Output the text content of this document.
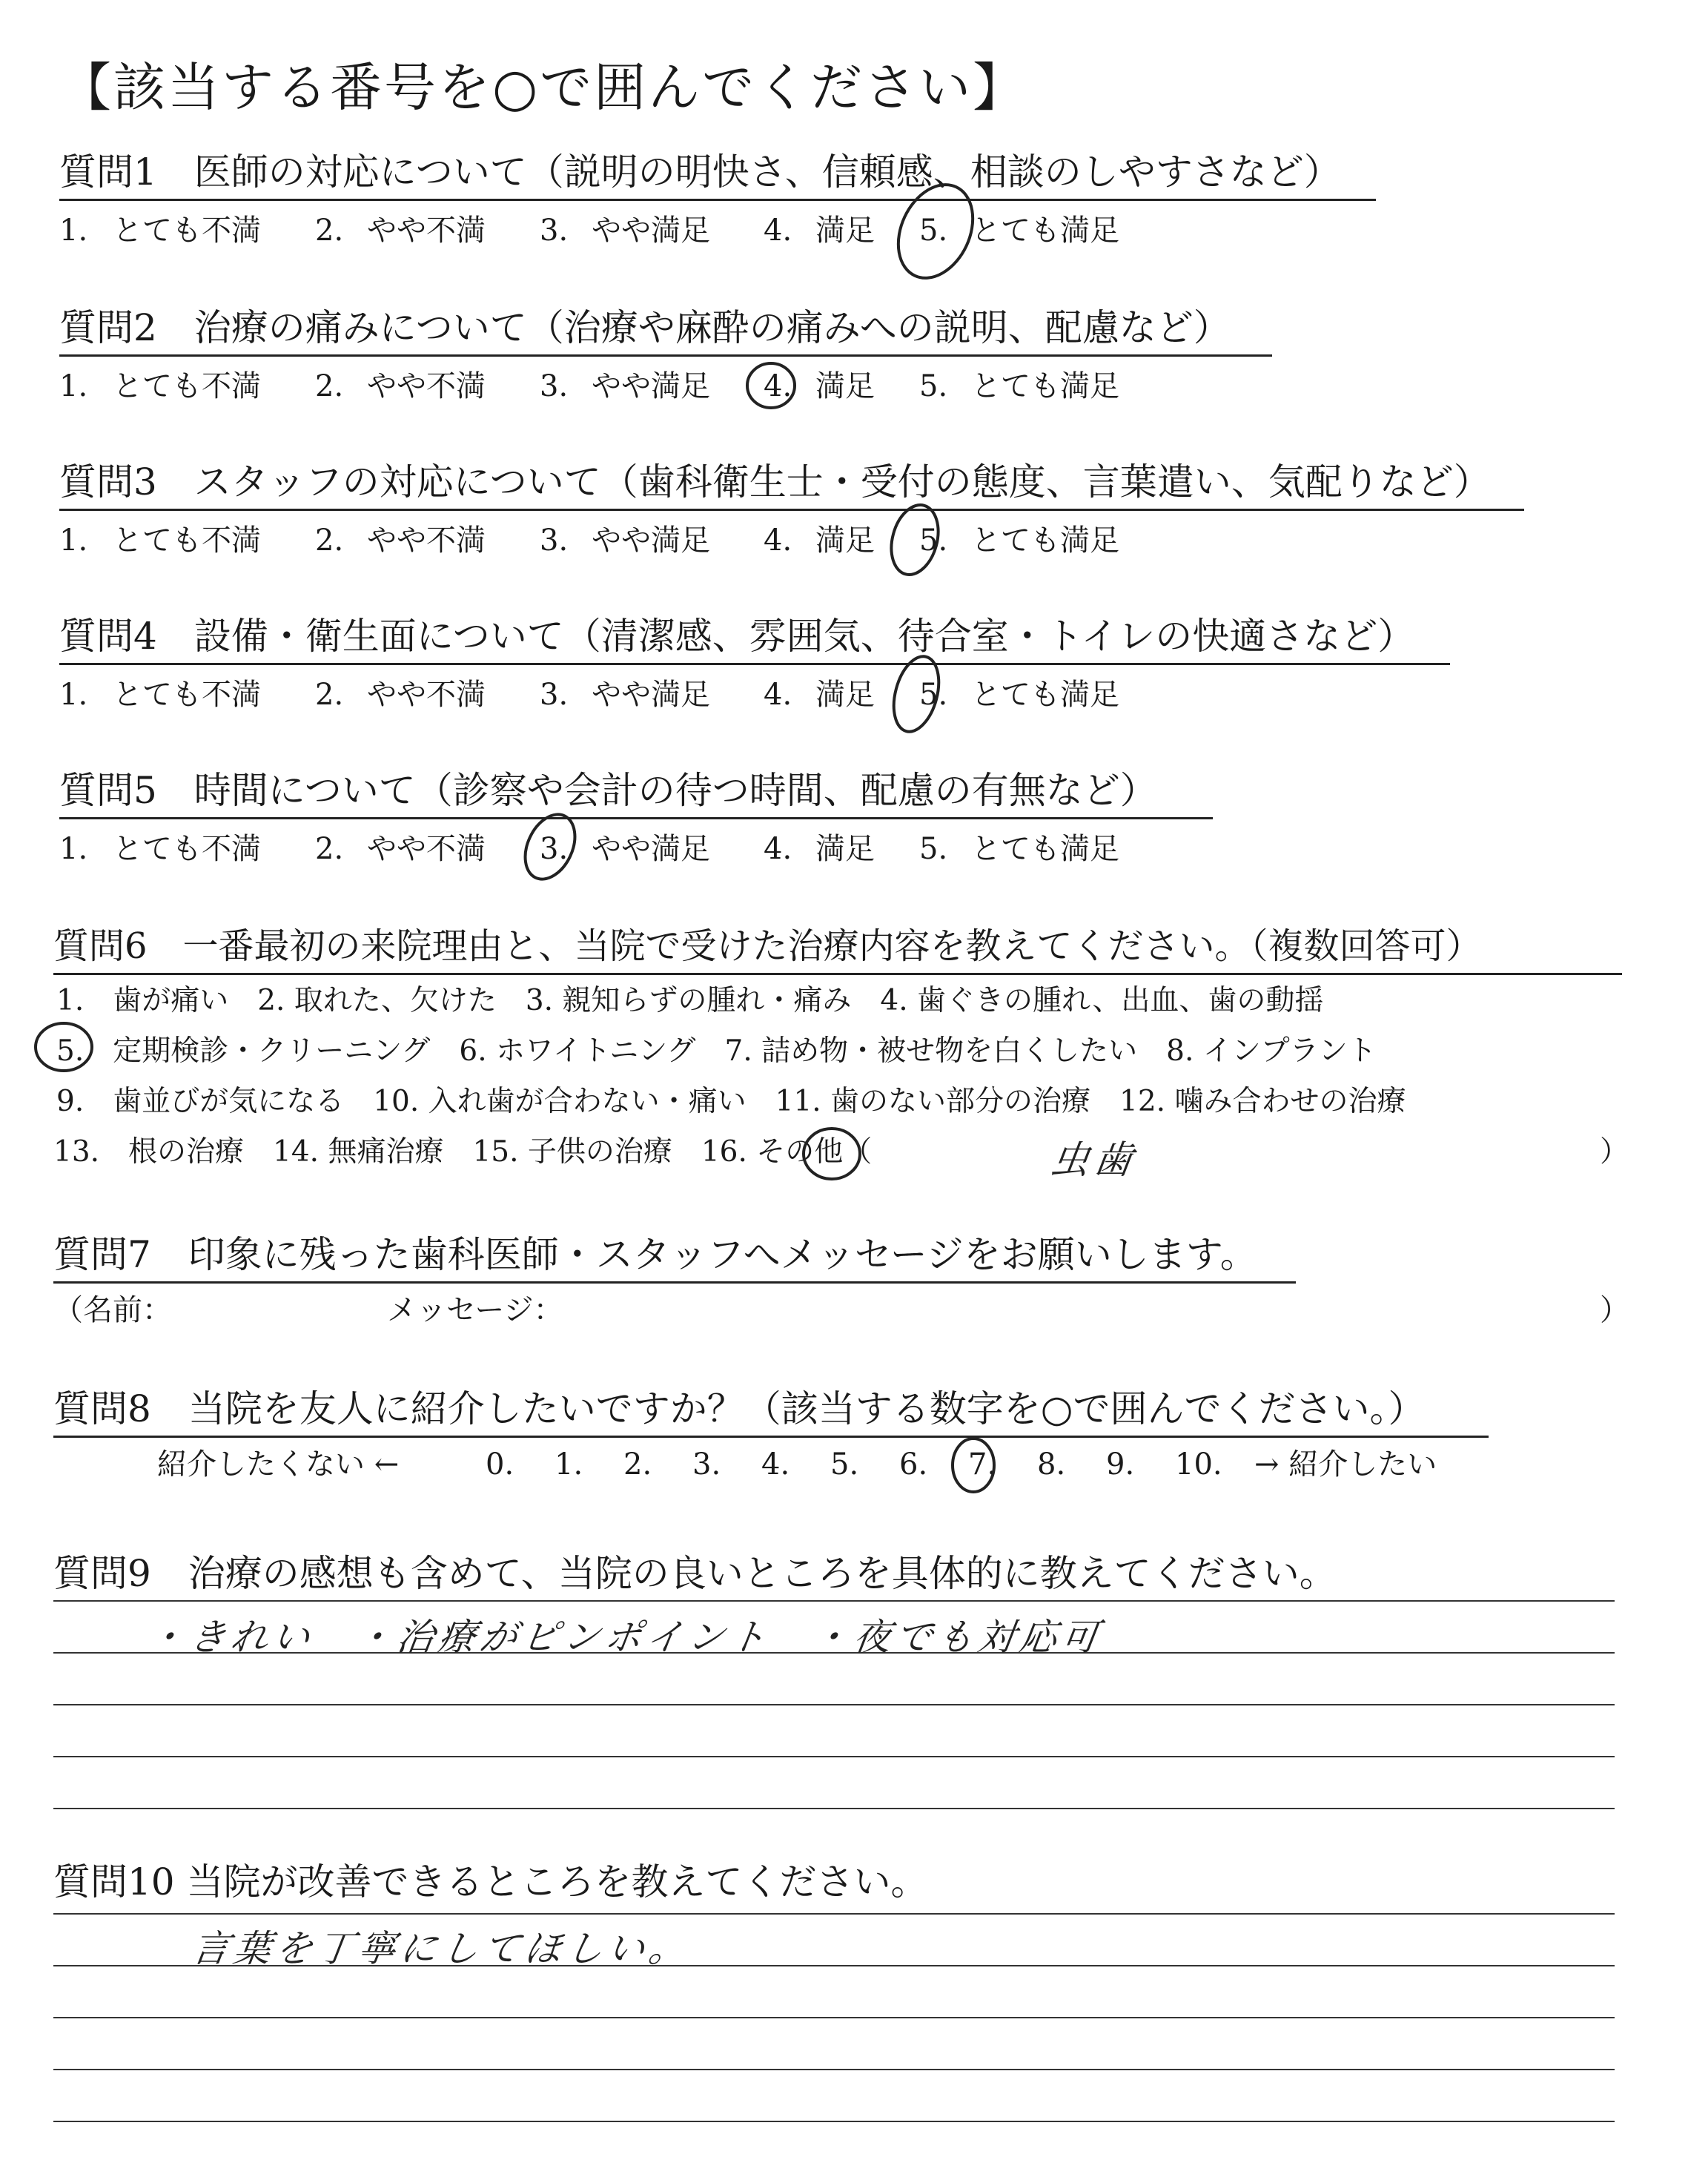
【該当する番号を○で囲んでください】
質問1　医師の対応について（説明の明快さ、信頼感、相談のしやすさなど）
1. とても不満 2. やや不満 3. やや満足 4. 満足 5. とても満足
質問2　治療の痛みについて（治療や麻酔の痛みへの説明、配慮など）
1. とても不満 2. やや不満 3. やや満足 4. 満足 5. とても満足
質問3　スタッフの対応について（歯科衛生士・受付の態度、言葉遣い、気配りなど）
1. とても不満 2. やや不満 3. やや満足 4. 満足 5. とても満足
質問4　設備・衛生面について（清潔感、雰囲気、待合室・トイレの快適さなど）
1. とても不満 2. やや不満 3. やや満足 4. 満足 5. とても満足
質問5　時間について（診察や会計の待つ時間、配慮の有無など）
1. とても不満 2. やや不満 3. やや満足 4. 満足 5. とても満足
質問6　一番最初の来院理由と、当院で受けた治療内容を教えてください。（複数回答可）
1.　歯が痛い　2. 取れた、欠けた　3. 親知らずの腫れ・痛み　4. 歯ぐきの腫れ、出血、歯の動揺
5.　定期検診・クリーニング　6. ホワイトニング　7. 詰め物・被せ物を白くしたい　8. インプラント
9.　歯並びが気になる　10. 入れ歯が合わない・痛い　11. 歯のない部分の治療　12. 噛み合わせの治療
13.　根の治療　14. 無痛治療　15. 子供の治療　16. その他（	虫歯	）
質問7　印象に残った歯科医師・スタッフへメッセージをお願いします。
（名前：	メッセージ：	）
質問8　当院を友人に紹介したいですか？（該当する数字を○で囲んでください。）
紹介したくない ←	0. 1. 2. 3. 4. 5. 6. 7. 8. 9. 10. → 紹介したい
質問9　治療の感想も含めて、当院の良いところを具体的に教えてください。
・きれい　・治療がピンポイント　・夜でも対応可
質問10 当院が改善できるところを教えてください。
言葉を丁寧にしてほしい。
